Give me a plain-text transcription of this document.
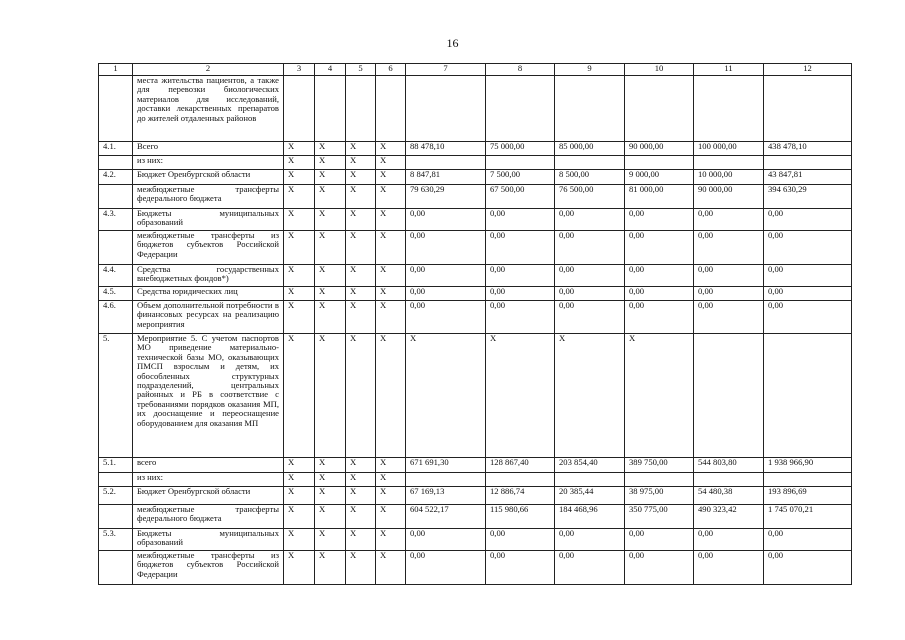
16
1	2	3	4	5	6	7	8	9	10	11	12
	места жительства пациентов, а также для перевозки биологических материалов для исследований, доставки лекарственных препаратов до жителей отдаленных районов										
4.1.	Всего	Х	Х	Х	Х	88 478,10	75 000,00	85 000,00	90 000,00	100 000,00	438 478,10
	из них:	Х	Х	Х	Х						
4.2.	Бюджет Оренбургской области	Х	Х	Х	Х	8 847,81	7 500,00	8 500,00	9 000,00	10 000,00	43 847,81
	межбюджетные трансферты федерального бюджета	Х	Х	Х	Х	79 630,29	67 500,00	76 500,00	81 000,00	90 000,00	394 630,29
4.3.	Бюджеты муниципальных образований	Х	Х	Х	Х	0,00	0,00	0,00	0,00	0,00	0,00
	межбюджетные трансферты из бюджетов субъектов Российской Федерации	Х	Х	Х	Х	0,00	0,00	0,00	0,00	0,00	0,00
4.4.	Средства государственных внебюджетных фондов*)	Х	Х	Х	Х	0,00	0,00	0,00	0,00	0,00	0,00
4.5.	Средства юридических лиц	Х	Х	Х	Х	0,00	0,00	0,00	0,00	0,00	0,00
4.6.	Объем дополнительной потребности в финансовых ресурсах на реализацию мероприятия	Х	Х	Х	Х	0,00	0,00	0,00	0,00	0,00	0,00
5.	Мероприятие 5. С учетом паспортов МО приведение материально-технической базы МО, оказывающих ПМСП взрослым и детям, их обособленных структурных подразделений, центральных районных и РБ в соответствие с требованиями порядков оказания МП, их дооснащение и переоснащение оборудованием для оказания МП	Х	Х	Х	Х	Х	Х	Х	Х		
5.1.	всего	Х	Х	Х	Х	671 691,30	128 867,40	203 854,40	389 750,00	544 803,80	1 938 966,90
	из них:	Х	Х	Х	Х						
5.2.	Бюджет Оренбургской области	Х	Х	Х	Х	67 169,13	12 886,74	20 385,44	38 975,00	54 480,38	193 896,69
	межбюджетные трансферты федерального бюджета	Х	Х	Х	Х	604 522,17	115 980,66	184 468,96	350 775,00	490 323,42	1 745 070,21
5.3.	Бюджеты муниципальных образований	Х	Х	Х	Х	0,00	0,00	0,00	0,00	0,00	0,00
	межбюджетные трансферты из бюджетов субъектов Российской Федерации	Х	Х	Х	Х	0,00	0,00	0,00	0,00	0,00	0,00
